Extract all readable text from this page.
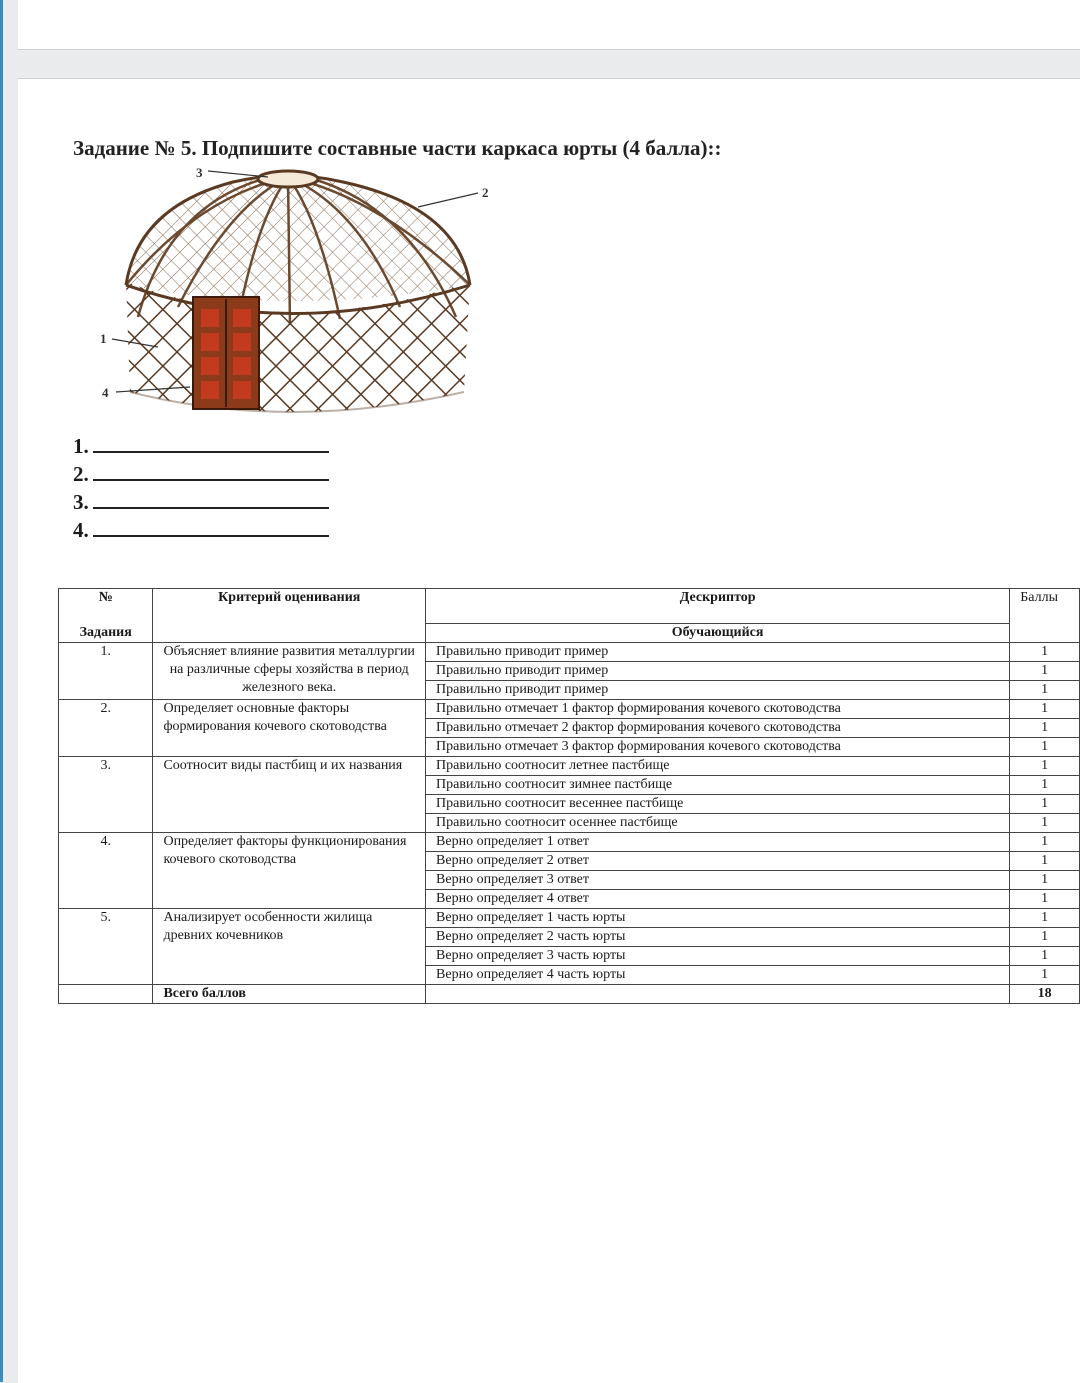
Задание № 5. Подпишите составные части каркаса юрты (4 балла)::
3
2
1
4
1.
2.
3.
4.
№	Критерий оценивания	Дескриптор	Баллы
Задания		Обучающийся	
1.	Объясняет влияние развития металлургии на различные сферы хозяйства в период железного века.	Правильно приводит пример	1
		Правильно приводит пример	1
		Правильно приводит пример	1
2.	Определяет основные факторы формирования кочевого скотоводства	Правильно отмечает 1 фактор формирования кочевого скотоводства	1
		Правильно отмечает 2 фактор формирования кочевого скотоводства	1
		Правильно отмечает 3 фактор формирования кочевого скотоводства	1
3.	Соотносит виды пастбищ и их названия	Правильно соотносит летнее пастбище	1
		Правильно соотносит зимнее пастбище	1
		Правильно соотносит весеннее пастбище	1
		Правильно соотносит осеннее пастбище	1
4.	Определяет факторы функционирования кочевого скотоводства	Верно определяет 1 ответ	1
		Верно определяет 2 ответ	1
		Верно определяет 3 ответ	1
		Верно определяет 4 ответ	1
5.	Анализирует особенности жилища древних кочевников	Верно определяет 1 часть юрты	1
		Верно определяет 2 часть юрты	1
		Верно определяет 3 часть юрты	1
		Верно определяет 4 часть юрты	1
	Всего баллов		18
